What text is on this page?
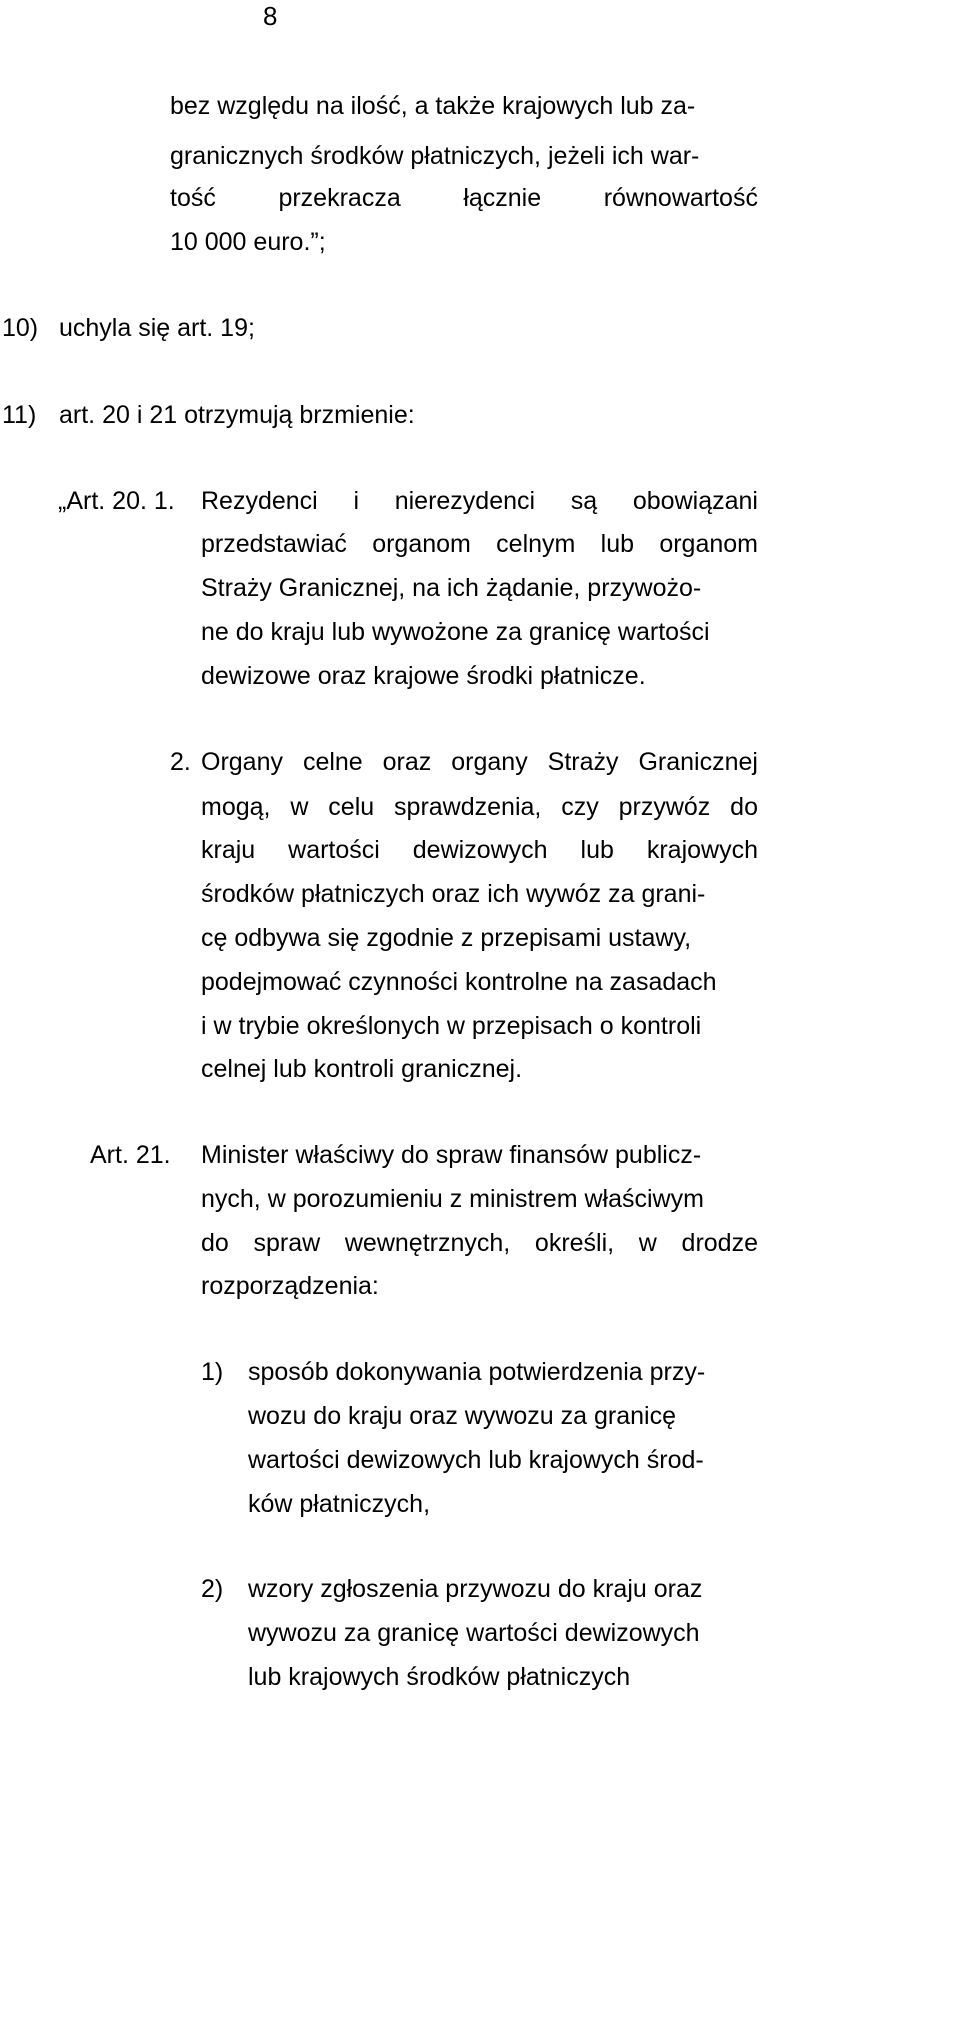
8
bez względu na ilość, a także krajowych lub za-
granicznych środków płatniczych, jeżeli ich war-
tość	przekracza	łącznie	równowartość
10 000 euro.”;
10) uchyla się art. 19;
11) art. 20 i 21 otrzymują brzmienie:
„Art. 20. 1. Rezydenci i nierezydenci są obowiązani
przedstawiać organom celnym lub organom
Straży Granicznej, na ich żądanie, przywożo-
ne do kraju lub wywożone za granicę wartości
dewizowe oraz krajowe środki płatnicze.
2. Organy celne oraz organy Straży Granicznej
mogą, w celu sprawdzenia, czy przywóz do
kraju wartości dewizowych lub krajowych
środków płatniczych oraz ich wywóz za grani-
cę odbywa się zgodnie z przepisami ustawy,
podejmować czynności kontrolne na zasadach
i w trybie określonych w przepisach o kontroli
celnej lub kontroli granicznej.
Art. 21. Minister właściwy do spraw finansów publicz-
nych, w porozumieniu z ministrem właściwym
do spraw wewnętrznych, określi, w drodze
rozporządzenia:
1) sposób dokonywania potwierdzenia przy-
wozu do kraju oraz wywozu za granicę
wartości dewizowych lub krajowych środ-
ków płatniczych,
2) wzory zgłoszenia przywozu do kraju oraz
wywozu za granicę wartości dewizowych
lub krajowych środków płatniczych
